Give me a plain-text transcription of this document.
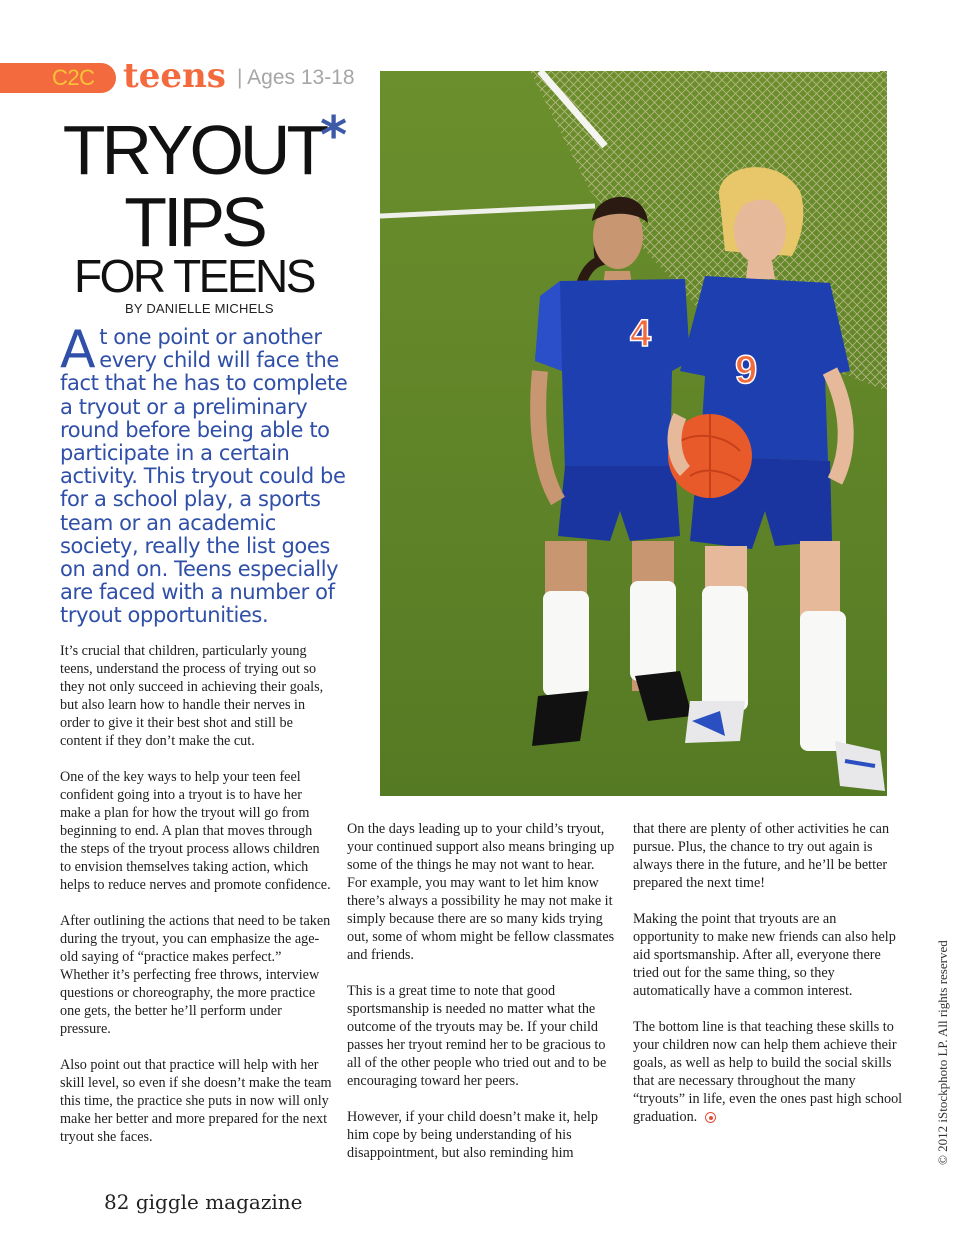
C2C teens | Ages 13-18
TRYOUT
*
TIPS
FOR TEENS
BY DANIELLE MICHELS
At one point or another every child will face the fact that he has to complete a tryout or a preliminary round before being able to participate in a certain activity. This tryout could be for a school play, a sports team or an academic society, really the list goes on and on. Teens especially are faced with a number of tryout opportunities.

It’s crucial that children, particularly young teens, understand the process of trying out so they not only succeed in achieving their goals, but also learn how to handle their nerves in order to give it their best shot and still be content if they don’t make the cut.

One of the key ways to help your teen feel confident going into a tryout is to have her make a plan for how the tryout will go from beginning to end. A plan that moves through the steps of the tryout process allows children to envision themselves taking action, which helps to reduce nerves and promote confidence.

After outlining the actions that need to be taken during the tryout, you can emphasize the age-old saying of “practice makes perfect.” Whether it’s perfecting free throws, interview questions or choreography, the more practice one gets, the better he’ll perform under pressure.

Also point out that practice will help with her skill level, so even if she doesn’t make the team this time, the practice she puts in now will only make her better and more prepared for the next tryout she faces.

On the days leading up to your child’s tryout, your continued support also means bringing up some of the things he may not want to hear. For example, you may want to let him know there’s always a possibility he may not make it simply because there are so many kids trying out, some of whom might be fellow classmates and friends.

This is a great time to note that good sportsmanship is needed no matter what the outcome of the tryouts may be. If your child passes her tryout remind her to be gracious to all of the other people who tried out and to be encouraging toward her peers.

However, if your child doesn’t make it, help him cope by being understanding of his disappointment, but also reminding him

that there are plenty of other activities he can pursue. Plus, the chance to try out again is always there in the future, and he’ll be better prepared the next time!

Making the point that tryouts are an opportunity to make new friends can also help aid sportsmanship. After all, everyone there tried out for the same thing, so they automatically have a common interest.

The bottom line is that teaching these skills to your children now can help them achieve their goals, as well as help to build the social skills that are necessary throughout the many “tryouts” in life, even the ones past high school graduation.

4
9
82 giggle magazine
© 2012 iStockphoto LP. All rights reserved
